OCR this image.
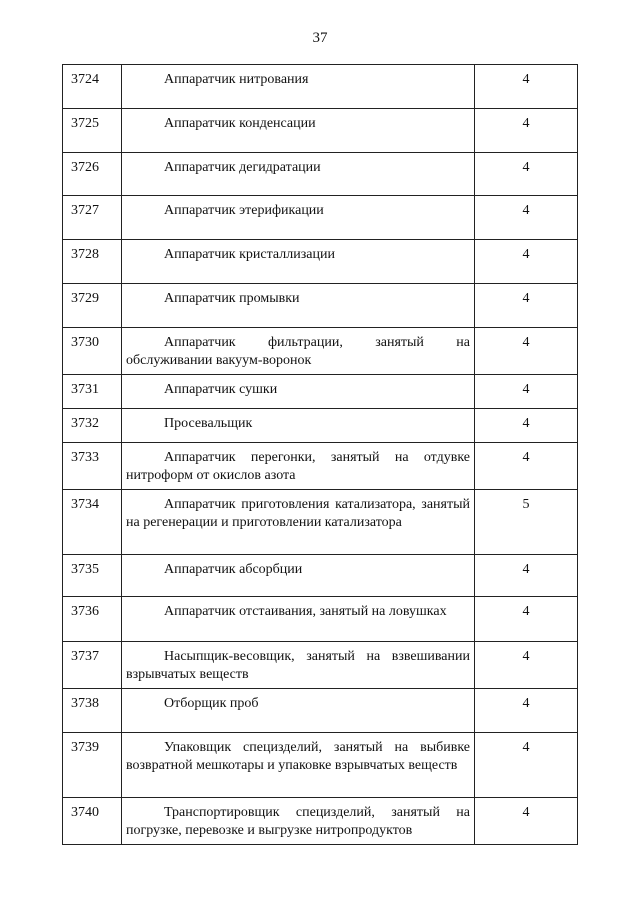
37
3724	Аппаратчик нитрования	4
3725	Аппаратчик конденсации	4
3726	Аппаратчик дегидратации	4
3727	Аппаратчик этерификации	4
3728	Аппаратчик кристаллизации	4
3729	Аппаратчик промывки	4
3730	Аппаратчик фильтрации, занятый на обслуживании вакуум-воронок	4
3731	Аппаратчик сушки	4
3732	Просевальщик	4
3733	Аппаратчик перегонки, занятый на отдувке нитроформ от окислов азота	4
3734	Аппаратчик приготовления катализатора, занятый на регенерации и приготовлении катализатора	5
3735	Аппаратчик абсорбции	4
3736	Аппаратчик отстаивания, занятый на ловушках	4
3737	Насыпщик-весовщик, занятый на взвешивании взрывчатых веществ	4
3738	Отборщик проб	4
3739	Упаковщик специзделий, занятый на выбивке возвратной мешкотары и упаковке взрывчатых веществ	4
3740	Транспортировщик специзделий, занятый на погрузке, перевозке и выгрузке нитропродуктов	4
